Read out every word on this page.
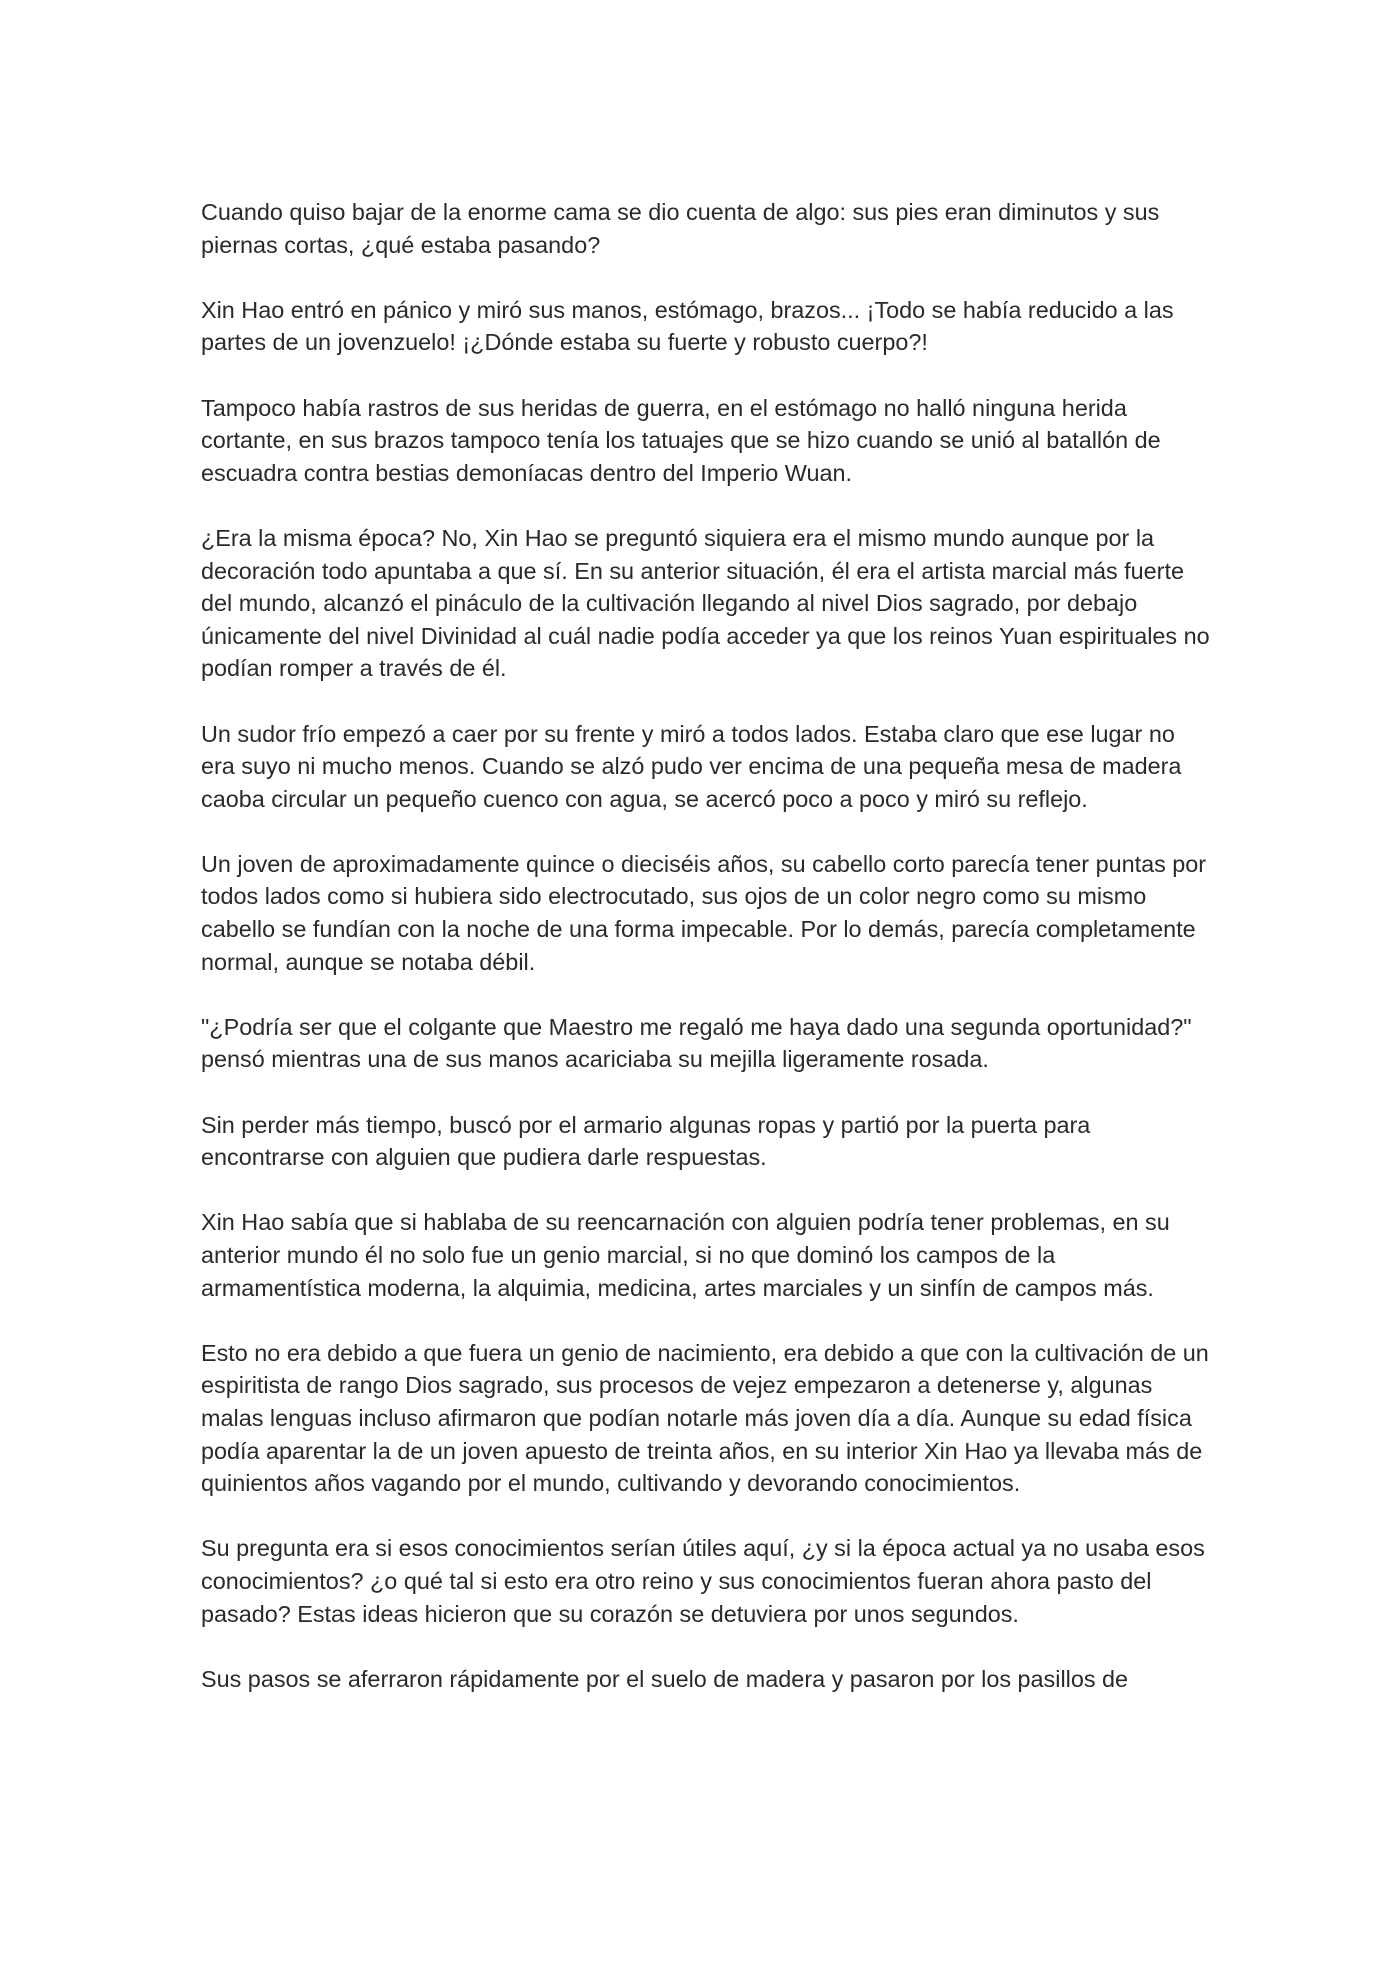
Cuando quiso bajar de la enorme cama se dio cuenta de algo: sus pies eran diminutos y sus piernas cortas, ¿qué estaba pasando?

Xin Hao entró en pánico y miró sus manos, estómago, brazos... ¡Todo se había reducido a las partes de un jovenzuelo! ¡¿Dónde estaba su fuerte y robusto cuerpo?!

Tampoco había rastros de sus heridas de guerra, en el estómago no halló ninguna herida cortante, en sus brazos tampoco tenía los tatuajes que se hizo cuando se unió al batallón de escuadra contra bestias demoníacas dentro del Imperio Wuan.

¿Era la misma época? No, Xin Hao se preguntó siquiera era el mismo mundo aunque por la decoración todo apuntaba a que sí. En su anterior situación, él era el artista marcial más fuerte del mundo, alcanzó el pináculo de la cultivación llegando al nivel Dios sagrado, por debajo únicamente del nivel Divinidad al cuál nadie podía acceder ya que los reinos Yuan espirituales no podían romper a través de él.

Un sudor frío empezó a caer por su frente y miró a todos lados. Estaba claro que ese lugar no era suyo ni mucho menos. Cuando se alzó pudo ver encima de una pequeña mesa de madera caoba circular un pequeño cuenco con agua, se acercó poco a poco y miró su reflejo.

Un joven de aproximadamente quince o dieciséis años, su cabello corto parecía tener puntas por todos lados como si hubiera sido electrocutado, sus ojos de un color negro como su mismo cabello se fundían con la noche de una forma impecable. Por lo demás, parecía completamente normal, aunque se notaba débil.

"¿Podría ser que el colgante que Maestro me regaló me haya dado una segunda oportunidad?" pensó mientras una de sus manos acariciaba su mejilla ligeramente rosada.

Sin perder más tiempo, buscó por el armario algunas ropas y partió por la puerta para encontrarse con alguien que pudiera darle respuestas.

Xin Hao sabía que si hablaba de su reencarnación con alguien podría tener problemas, en su anterior mundo él no solo fue un genio marcial, si no que dominó los campos de la armamentística moderna, la alquimia, medicina, artes marciales y un sinfín de campos más.

Esto no era debido a que fuera un genio de nacimiento, era debido a que con la cultivación de un espiritista de rango Dios sagrado, sus procesos de vejez empezaron a detenerse y, algunas malas lenguas incluso afirmaron que podían notarle más joven día a día. Aunque su edad física podía aparentar la de un joven apuesto de treinta años, en su interior Xin Hao ya llevaba más de quinientos años vagando por el mundo, cultivando y devorando conocimientos.

Su pregunta era si esos conocimientos serían útiles aquí, ¿y si la época actual ya no usaba esos conocimientos? ¿o qué tal si esto era otro reino y sus conocimientos fueran ahora pasto del pasado? Estas ideas hicieron que su corazón se detuviera por unos segundos.

Sus pasos se aferraron rápidamente por el suelo de madera y pasaron por los pasillos de
